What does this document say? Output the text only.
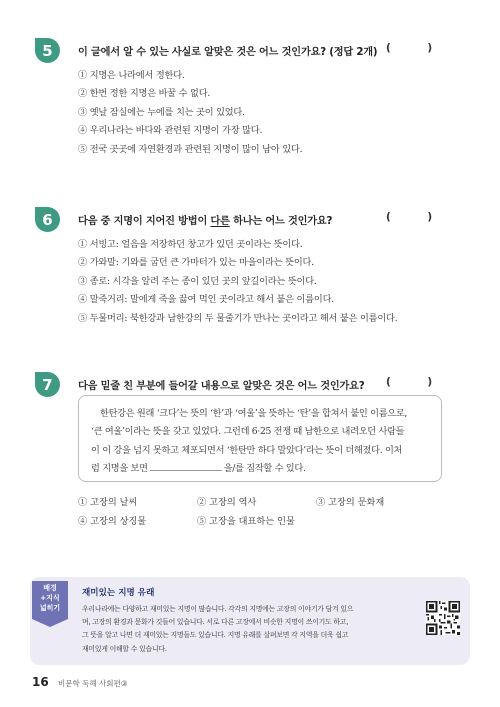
5 이 글에서 알 수 있는 사실로 알맞은 것은 어느 것인가요? (정답 2개) (          )
① 지명은 나라에서 정한다.
② 한번 정한 지명은 바꿀 수 없다.
③ 옛날 잠실에는 누에를 치는 곳이 있었다.
④ 우리나라는 바다와 관련된 지명이 가장 많다.
⑤ 전국 곳곳에 자연환경과 관련된 지명이 많이 남아 있다.
6 다음 중 지명이 지어진 방법이 다른 하나는 어느 것인가요?	(          )
① 서빙고: 얼음을 저장하던 창고가 있던 곳이라는 뜻이다.
② 가와말: 기와를 굽던 큰 가마터가 있는 마을이라는 뜻이다.
③ 종로: 시각을 알려 주는 종이 있던 곳의 앞길이라는 뜻이다.
④ 말죽거리: 말에게 죽을 끓여 먹인 곳이라고 해서 붙은 이름이다.
⑤ 두물머리: 북한강과 남한강의 두 물줄기가 만나는 곳이라고 해서 붙은 이름이다.
7 다음 밑줄 친 부분에 들어갈 내용으로 알맞은 것은 어느 것인가요? (          )
한탄강은 원래 ‘크다’는 뜻의 ‘한’과 ‘여울’을 뜻하는 ‘탄’을 합쳐서 붙인 이름으로,
‘큰 여울’이라는 뜻을 갖고 있었다. 그런데 6·25 전쟁 때 남한으로 내려오던 사람들
이 이 강을 넘지 못하고 체포되면서 ‘한탄만 하다 말았다’라는 뜻이 더해졌다. 이처
럼 지명을 보면	을/를 짐작할 수 있다.
① 고장의 날씨	② 고장의 역사	③ 고장의 문화재
④ 고장의 상징물	⑤ 고장을 대표하는 인물
배경
+지식
넓히기
재미있는 지명 유래
우리나라에는 다양하고 재미있는 지명이 많습니다. 각각의 지명에는 고장의 이야기가 담겨 있으
며, 고장의 환경과 문화가 깃들어 있습니다. 서로 다른 고장에서 비슷한 지명이 쓰이기도 하고,
그 뜻을 알고 나면 더 재미있는 지명들도 있습니다. 지명 유래를 살펴보면 각 지역을 더욱 쉽고
재미있게 이해할 수 있습니다.
16 비문학 독해 사회편③
